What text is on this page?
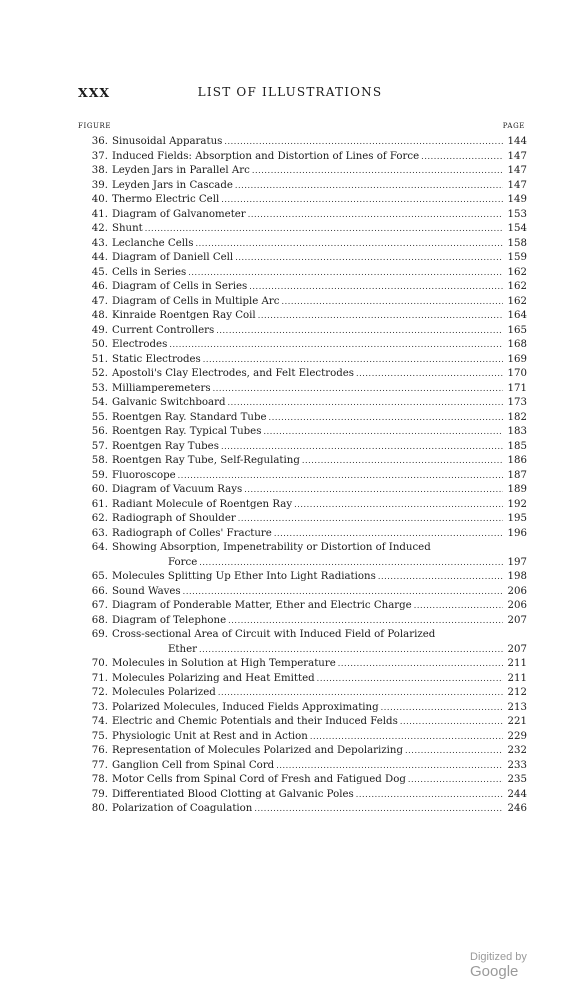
XXX	LIST OF ILLUSTRATIONS
FIGURE	PAGE
36. Sinusoidal Apparatus .....	144
37. Induced Fields: Absorption and Distortion of Lines of Force .....	147
38. Leyden Jars in Parallel Arc .....	147
39. Leyden Jars in Cascade .....	147
40. Thermo Electric Cell .....	149
41. Diagram of Galvanometer .....	153
42. Shunt .....	154
43. Leclanche Cells .....	158
44. Diagram of Daniell Cell .....	159
45. Cells in Series .....	162
46. Diagram of Cells in Series .....	162
47. Diagram of Cells in Multiple Arc .....	162
48. Kinraide Roentgen Ray Coil .....	164
49. Current Controllers .....	165
50. Electrodes .....	168
51. Static Electrodes .....	169
52. Apostoli's Clay Electrodes, and Felt Electrodes .....	170
53. Milliamperemeters .....	171
54. Galvanic Switchboard .....	173
55. Roentgen Ray. Standard Tube .....	182
56. Roentgen Ray. Typical Tubes .....	183
57. Roentgen Ray Tubes .....	185
58. Roentgen Ray Tube, Self-Regulating .....	186
59. Fluoroscope .....	187
60. Diagram of Vacuum Rays .....	189
61. Radiant Molecule of Roentgen Ray .....	192
62. Radiograph of Shoulder .....	195
63. Radiograph of Colles' Fracture .....	196
64. Showing Absorption, Impenetrability or Distortion of Induced
Force .....	197
65. Molecules Splitting Up Ether Into Light Radiations .....	198
66. Sound Waves .....	206
67. Diagram of Ponderable Matter, Ether and Electric Charge .....	206
68. Diagram of Telephone .....	207
69. Cross-sectional Area of Circuit with Induced Field of Polarized
Ether .....	207
70. Molecules in Solution at High Temperature .....	211
71. Molecules Polarizing and Heat Emitted .....	211
72. Molecules Polarized .....	212
73. Polarized Molecules, Induced Fields Approximating .....	213
74. Electric and Chemic Potentials and their Induced Felds .....	221
75. Physiologic Unit at Rest and in Action .....	229
76. Representation of Molecules Polarized and Depolarizing .....	232
77. Ganglion Cell from Spinal Cord .....	233
78. Motor Cells from Spinal Cord of Fresh and Fatigued Dog .....	235
79. Differentiated Blood Clotting at Galvanic Poles .....	244
80. Polarization of Coagulation .....	246
Digitized by Google
